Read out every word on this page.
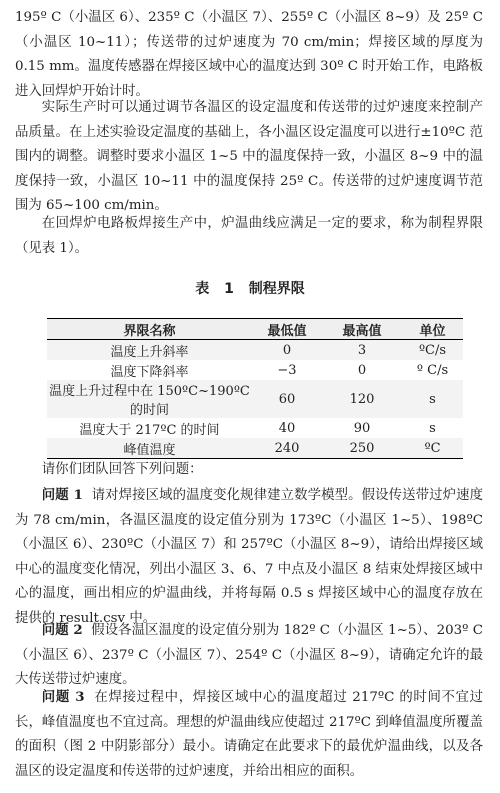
195º C（小温区 6）、235º C（小温区 7）、255º C（小温区 8~9）及 25º C（小温区 10~11）；传送带的过炉速度为 70 cm/min；焊接区域的厚度为 0.15 mm。温度传感器在焊接区域中心的温度达到 30º C 时开始工作，电路板进入回焊炉开始计时。

实际生产时可以通过调节各温区的设定温度和传送带的过炉速度来控制产品质量。在上述实验设定温度的基础上，各小温区设定温度可以进行±10ºC 范围内的调整。调整时要求小温区 1~5 中的温度保持一致，小温区 8~9 中的温度保持一致，小温区 10~11 中的温度保持 25º C。传送带的过炉速度调节范围为 65~100 cm/min。

在回焊炉电路板焊接生产中，炉温曲线应满足一定的要求，称为制程界限（见表 1）。

表 1 制程界限
界限名称	最低值	最高值	单位
温度上升斜率	0	3	ºC/s
温度下降斜率	−3	0	º C/s
温度上升过程中在 150ºC~190ºC 的时间	60	120	s
温度大于 217ºC 的时间	40	90	s
峰值温度	240	250	ºC

请你们团队回答下列问题：

问题 1 请对焊接区域的温度变化规律建立数学模型。假设传送带过炉速度为 78 cm/min，各温区温度的设定值分别为 173ºC（小温区 1~5）、198ºC（小温区 6）、230ºC（小温区 7）和 257ºC（小温区 8~9），请给出焊接区域中心的温度变化情况，列出小温区 3、6、7 中点及小温区 8 结束处焊接区域中心的温度，画出相应的炉温曲线，并将每隔 0.5 s 焊接区域中心的温度存放在提供的 result.csv 中。

问题 2 假设各温区温度的设定值分别为 182º C（小温区 1~5）、203º C（小温区 6）、237º C（小温区 7）、254º C（小温区 8~9），请确定允许的最大传送带过炉速度。

问题 3 在焊接过程中，焊接区域中心的温度超过 217ºC 的时间不宜过长，峰值温度也不宜过高。理想的炉温曲线应使超过 217ºC 到峰值温度所覆盖的面积（图 2 中阴影部分）最小。请确定在此要求下的最优炉温曲线，以及各温区的设定温度和传送带的过炉速度，并给出相应的面积。
